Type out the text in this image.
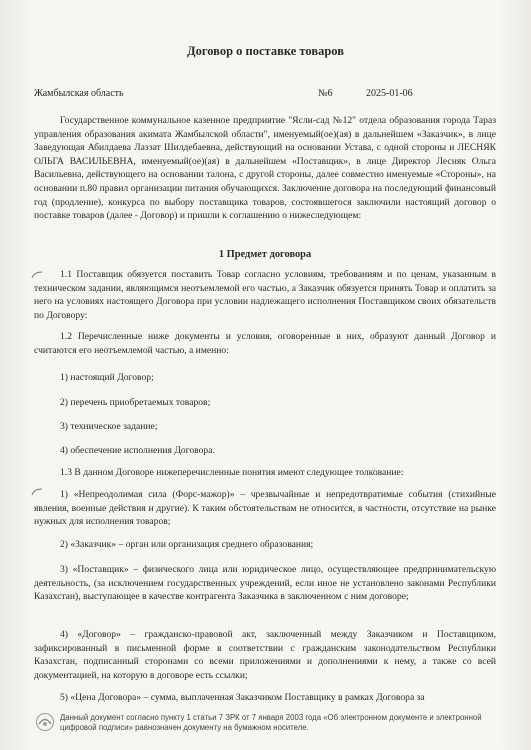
Договор о поставке товаров
Жамбылская область	№6	2025-01-06

Государственное коммунальное казенное предприятие "Ясли-сад №12" отдела образования города Тараз управления образования акимата Жамбылской области", именуемый(ое)(ая) в дальнейшем «Заказчик», в лице Заведующая Абилдаева Лаззат Шилдебаевна, действующий на основании Устава, с одной стороны и ЛЕСНЯК ОЛЬГА ВАСИЛЬЕВНА, именуемый(ое)(ая) в дальнейшем «Поставщик», в лице Директор Лесняк Ольга Васильевна, действующего на основании талона, с другой стороны, далее совместно именуемые «Стороны», на основании п.80 правил организации питания обучающихся. Заключение договора на последующий финансовый год (продление), конкурса по выбору поставщика товаров, состоявшегося заключили настоящий договор о поставке товаров (далее - Договор) и пришли к соглашению о нижеследующем:

1 Предмет договора

1.1 Поставщик обязуется поставить Товар согласно условиям, требованиям и по ценам, указанным в техническом задании, являющимся неотъемлемой его частью, а Заказчик обязуется принять Товар и оплатить за него на условиях настоящего Договора при условии надлежащего исполнения Поставщиком своих обязательств по Договору:

1.2 Перечисленные ниже документы и условия, оговоренные в них, образуют данный Договор и считаются его неотъемлемой частью, а именно:

1) настоящий Договор;

2) перечень приобретаемых товаров;

3) техническое задание;

4) обеспечение исполнения Договора.

1.3 В данном Договоре нижеперечисленные понятия имеют следующее толкование:

1) «Непреодолимая сила (Форс-мажор)» – чрезвычайные и непредотвратимые события (стихийные явления, военные действия и другие). К таким обстоятельствам не относится, в частности, отсутствие на рынке нужных для исполнения товаров;

2) «Заказчик» – орган или организация среднего образования;

3) «Поставщик» – физического лица или юридическое лицо, осуществляющее предпринимательскую деятельность, (за исключением государственных учреждений, если иное не установлено законами Республики Казахстан), выступающее в качестве контрагента Заказчика в заключенном с ним договоре;

4) «Договор» – гражданско-правовой акт, заключенный между Заказчиком и Поставщиком, зафиксированный в письменной форме в соответствии с гражданским законодательством Республики Казахстан, подписанный сторонами со всеми приложениями и дополнениями к нему, а также со всей документацией, на которую в договоре есть ссылки;

5) «Цена Договора» – сумма, выплаченная Заказчиком Поставщику в рамках Договора за

Данный документ согласно пункту 1 статьи 7 ЗРК от 7 января 2003 года «Об электронном документе и электронной цифровой подписи» равнозначен документу на бумажном носителе.
